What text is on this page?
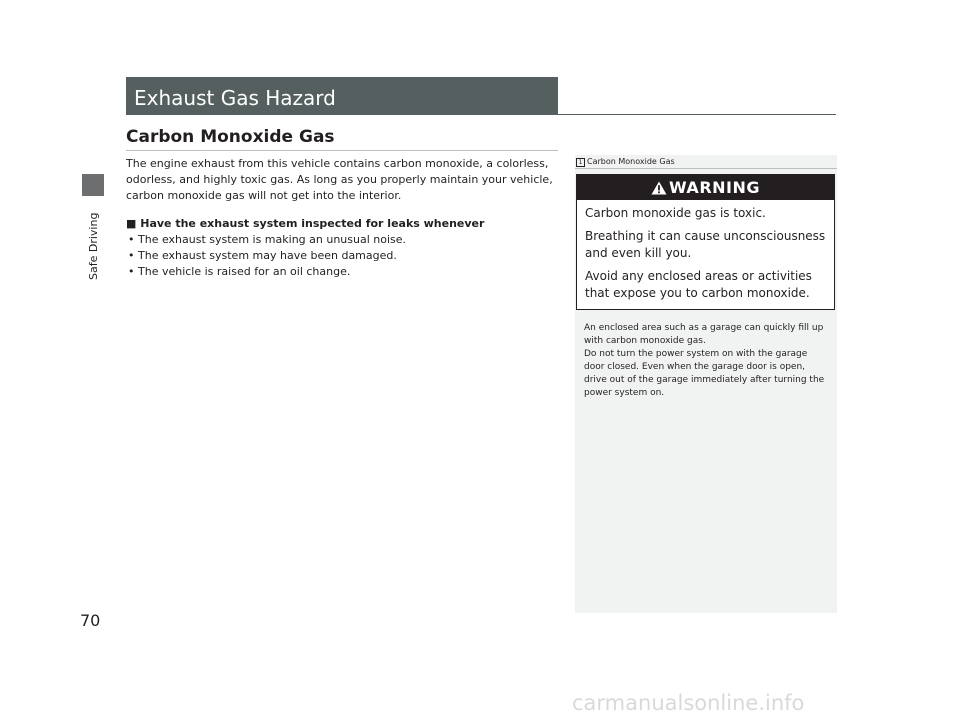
Safe Driving
Exhaust Gas Hazard
Carbon Monoxide Gas

The engine exhaust from this vehicle contains carbon monoxide, a colorless, odorless, and highly toxic gas. As long as you properly maintain your vehicle, carbon monoxide gas will not get into the interior.

■ Have the exhaust system inspected for leaks whenever

• The exhaust system is making an unusual noise.
• The exhaust system may have been damaged.
• The vehicle is raised for an oil change.
1 Carbon Monoxide Gas
WARNING

Carbon monoxide gas is toxic.

Breathing it can cause unconsciousness and even kill you.

Avoid any enclosed areas or activities that expose you to carbon monoxide.

An enclosed area such as a garage can quickly fill up with carbon monoxide gas.
Do not turn the power system on with the garage door closed. Even when the garage door is open, drive out of the garage immediately after turning the power system on.

70
carmanualsonline.info
